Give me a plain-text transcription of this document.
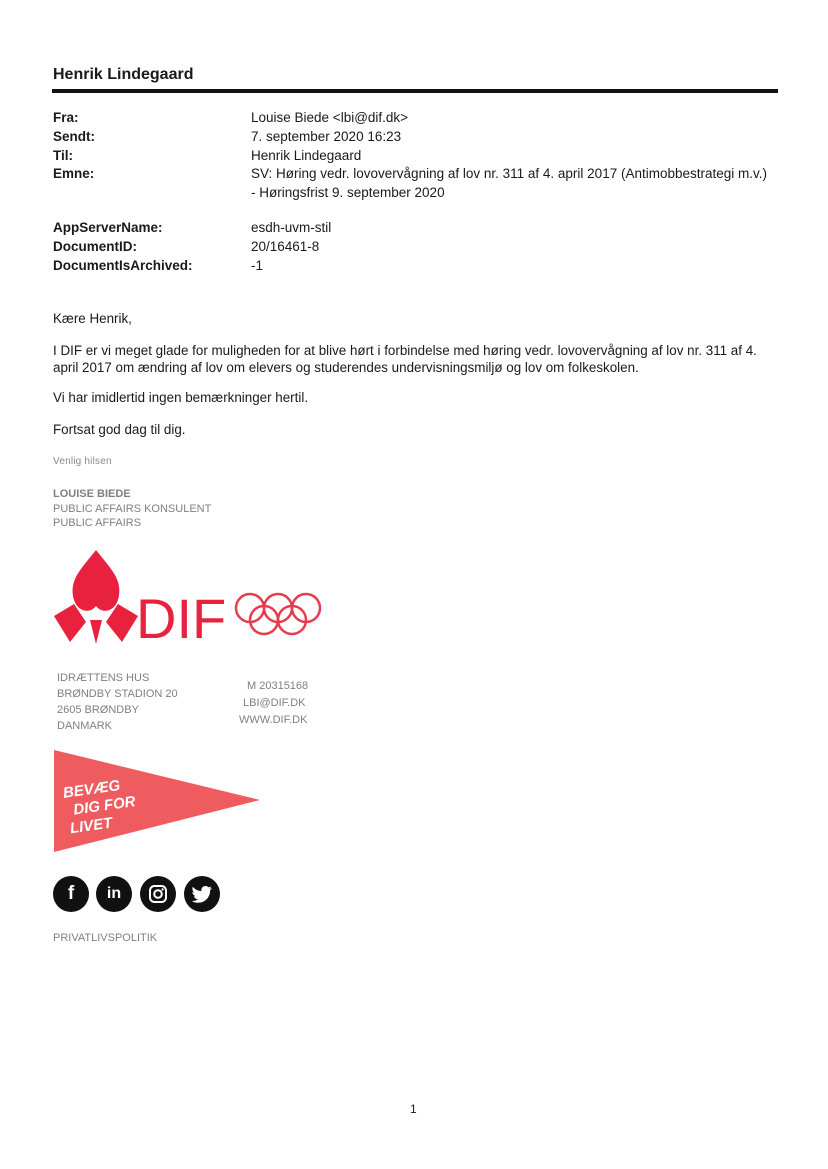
Henrik Lindegaard
Fra:	Louise Biede <lbi@dif.dk>
Sendt:	7. september 2020 16:23
Til:	Henrik Lindegaard
Emne:	SV: Høring vedr. lovovervågning af lov nr. 311 af 4. april 2017 (Antimobbestrategi m.v.) - Høringsfrist 9. september 2020
AppServerName:	esdh-uvm-stil
DocumentID:	20/16461-8
DocumentIsArchived:	-1
Kære Henrik,
I DIF er vi meget glade for muligheden for at blive hørt i forbindelse med høring vedr. lovovervågning af lov nr. 311 af 4. april 2017 om ændring af lov om elevers og studerendes undervisningsmiljø og lov om folkeskolen.
Vi har imidlertid ingen bemærkninger hertil.
Fortsat god dag til dig.
Venlig hilsen
LOUISE BIEDE
PUBLIC AFFAIRS KONSULENT
PUBLIC AFFAIRS
DIF
IDRÆTTENS HUS
BRØNDBY STADION 20
2605 BRØNDBY
DANMARK
M 20315168
LBI@DIF.DK
WWW.DIF.DK
BEVÆG
DIG FOR
LIVET
f	in
PRIVATLIVSPOLITIK
1
